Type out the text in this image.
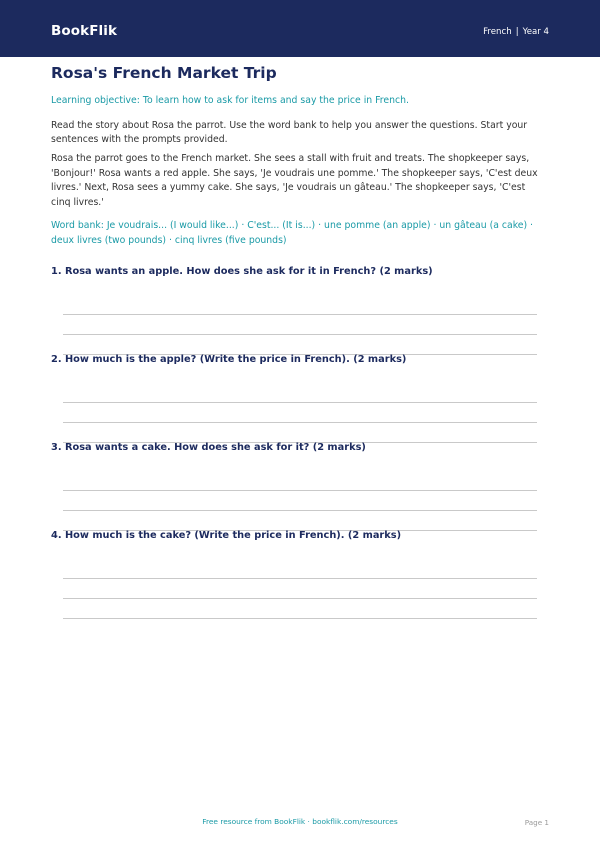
BookFlik	French | Year 4
Rosa's French Market Trip
Learning objective: To learn how to ask for items and say the price in French.
Read the story about Rosa the parrot. Use the word bank to help you answer the questions. Start your sentences with the prompts provided.
Rosa the parrot goes to the French market. She sees a stall with fruit and treats. The shopkeeper says, 'Bonjour!' Rosa wants a red apple. She says, 'Je voudrais une pomme.' The shopkeeper says, 'C'est deux livres.' Next, Rosa sees a yummy cake. She says, 'Je voudrais un gâteau.' The shopkeeper says, 'C'est cinq livres.'
Word bank: Je voudrais... (I would like...) · C'est... (It is...) · une pomme (an apple) · un gâteau (a cake) · deux livres (two pounds) · cinq livres (five pounds)
1. Rosa wants an apple. How does she ask for it in French? (2 marks)
2. How much is the apple? (Write the price in French). (2 marks)
3. Rosa wants a cake. How does she ask for it? (2 marks)
4. How much is the cake? (Write the price in French). (2 marks)
Free resource from BookFlik · bookflik.com/resources	Page 1
